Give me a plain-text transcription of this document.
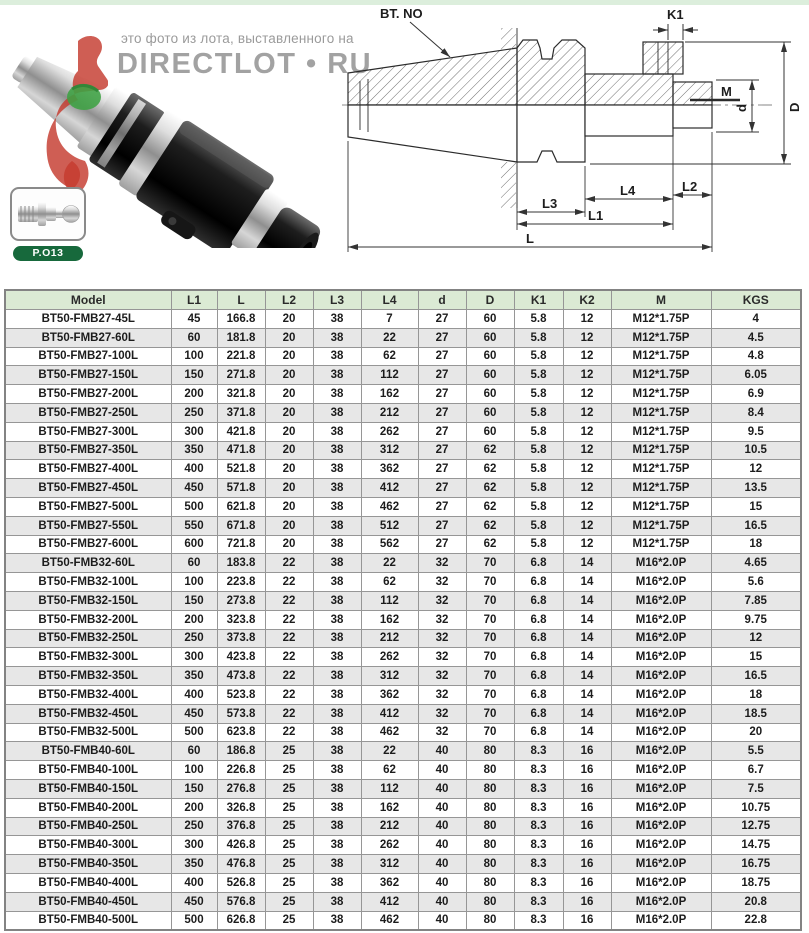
это фото из лота, выставленного на
DIRECTLOT • RU
P.O13
BT. NO	K1
M
d	D
L3
L4	L2
L1
L
Model	L1	L	L2	L3	L4	d	D	K1	K2	M	KGS
BT50-FMB27-45L	45	166.8	20	38	7	27	60	5.8	12	M12*1.75P	4
BT50-FMB27-60L	60	181.8	20	38	22	27	60	5.8	12	M12*1.75P	4.5
BT50-FMB27-100L	100	221.8	20	38	62	27	60	5.8	12	M12*1.75P	4.8
BT50-FMB27-150L	150	271.8	20	38	112	27	60	5.8	12	M12*1.75P	6.05
BT50-FMB27-200L	200	321.8	20	38	162	27	60	5.8	12	M12*1.75P	6.9
BT50-FMB27-250L	250	371.8	20	38	212	27	60	5.8	12	M12*1.75P	8.4
BT50-FMB27-300L	300	421.8	20	38	262	27	60	5.8	12	M12*1.75P	9.5
BT50-FMB27-350L	350	471.8	20	38	312	27	62	5.8	12	M12*1.75P	10.5
BT50-FMB27-400L	400	521.8	20	38	362	27	62	5.8	12	M12*1.75P	12
BT50-FMB27-450L	450	571.8	20	38	412	27	62	5.8	12	M12*1.75P	13.5
BT50-FMB27-500L	500	621.8	20	38	462	27	62	5.8	12	M12*1.75P	15
BT50-FMB27-550L	550	671.8	20	38	512	27	62	5.8	12	M12*1.75P	16.5
BT50-FMB27-600L	600	721.8	20	38	562	27	62	5.8	12	M12*1.75P	18
BT50-FMB32-60L	60	183.8	22	38	22	32	70	6.8	14	M16*2.0P	4.65
BT50-FMB32-100L	100	223.8	22	38	62	32	70	6.8	14	M16*2.0P	5.6
BT50-FMB32-150L	150	273.8	22	38	112	32	70	6.8	14	M16*2.0P	7.85
BT50-FMB32-200L	200	323.8	22	38	162	32	70	6.8	14	M16*2.0P	9.75
BT50-FMB32-250L	250	373.8	22	38	212	32	70	6.8	14	M16*2.0P	12
BT50-FMB32-300L	300	423.8	22	38	262	32	70	6.8	14	M16*2.0P	15
BT50-FMB32-350L	350	473.8	22	38	312	32	70	6.8	14	M16*2.0P	16.5
BT50-FMB32-400L	400	523.8	22	38	362	32	70	6.8	14	M16*2.0P	18
BT50-FMB32-450L	450	573.8	22	38	412	32	70	6.8	14	M16*2.0P	18.5
BT50-FMB32-500L	500	623.8	22	38	462	32	70	6.8	14	M16*2.0P	20
BT50-FMB40-60L	60	186.8	25	38	22	40	80	8.3	16	M16*2.0P	5.5
BT50-FMB40-100L	100	226.8	25	38	62	40	80	8.3	16	M16*2.0P	6.7
BT50-FMB40-150L	150	276.8	25	38	112	40	80	8.3	16	M16*2.0P	7.5
BT50-FMB40-200L	200	326.8	25	38	162	40	80	8.3	16	M16*2.0P	10.75
BT50-FMB40-250L	250	376.8	25	38	212	40	80	8.3	16	M16*2.0P	12.75
BT50-FMB40-300L	300	426.8	25	38	262	40	80	8.3	16	M16*2.0P	14.75
BT50-FMB40-350L	350	476.8	25	38	312	40	80	8.3	16	M16*2.0P	16.75
BT50-FMB40-400L	400	526.8	25	38	362	40	80	8.3	16	M16*2.0P	18.75
BT50-FMB40-450L	450	576.8	25	38	412	40	80	8.3	16	M16*2.0P	20.8
BT50-FMB40-500L	500	626.8	25	38	462	40	80	8.3	16	M16*2.0P	22.8
